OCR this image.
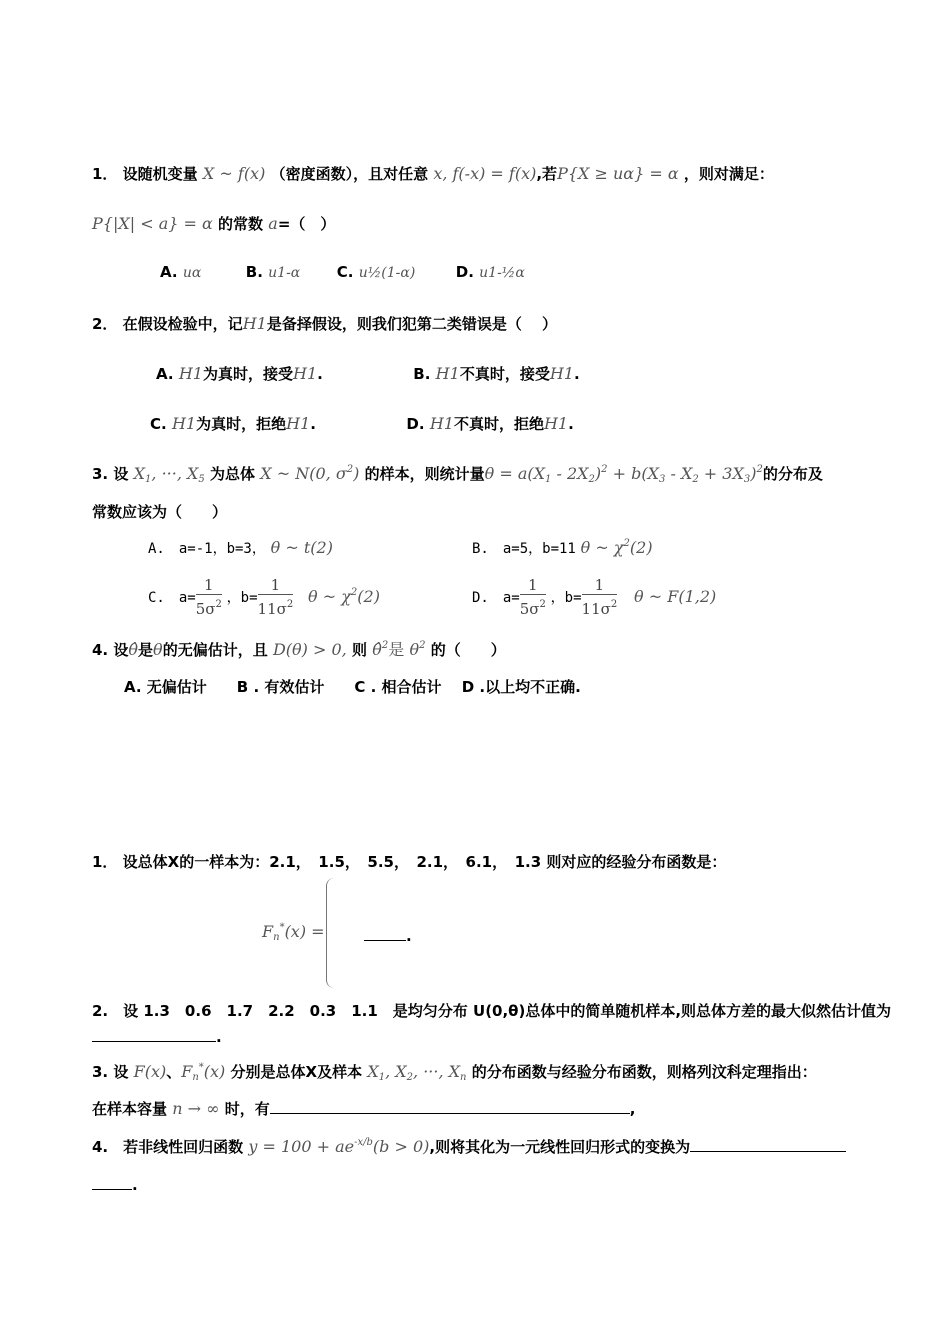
1． 设随机变量 X ~ f(x) （密度函数），且对任意 x, f(-x) = f(x),若P{X ≥ uα} = α ，则对满足：
P{|X| < a} = α 的常数 a=（　）
A. uα	B. u1-α C. u½(1-α)	D. u1-½α
2． 在假设检验中，记H1是备择假设，则我们犯第二类错误是（　 ）
A. H1为真时，接受H1.	B. H1不真时，接受H1.
C. H1为真时，拒绝H1.	D. H1不真时，拒绝H1.
3. 设 $X_1$, ···, $X_5$ 为总体 X ~ N(0, $\sigma^2$) 的样本，则统计量$\theta = a(X_1 - 2X_2)^2 + b(X_3 - X_2 + 3X_3)^2$的分布及
常数应该为（　　）
A.　a=-1，b=3， θ ~ t(2)	B.　a=5，b=11 θ ~ $\chi^2(2)$
C.　$a= \frac{1}{5\sigma^2}$ ，$b= \frac{1}{11\sigma^2}$ θ ~ $\chi^2(2)$	D.　$a= \frac{1}{5\sigma^2}$ ，$b= \frac{1}{11\sigma^2}$ θ ~ F(1,2)
4. 设θ̂是θ的无偏估计，且 D(θ) > 0, 则 θ̂$^2$是 $\theta^2$ 的（　　）
A. 无偏估计　　B . 有效估计　　C . 相合估计　 D .以上均不正确.
1． 设总体X的一样本为：2.1，　1.5，　5.5，　2.1，　6.1，　1.3 则对应的经验分布函数是：
$F_n^*(x)$ =	.
2.　设 1.3　0.6　1.7　2.2　0.3　1.1　是均匀分布 U(0,θ)总体中的简单随机样本,则总体方差的最大似然估计值为
.
3. 设 F(x)、$F_n^*(x)$ 分别是总体X及样本 $X_1$, $X_2$, ···, $X_n$ 的分布函数与经验分布函数，则格列汶科定理指出：
在样本容量 n → ∞ 时，有	,
4.　若非线性回归函数 $y = 100 + ae^{-x/b}(b > 0)$,则将其化为一元线性回归形式的变换为
.
